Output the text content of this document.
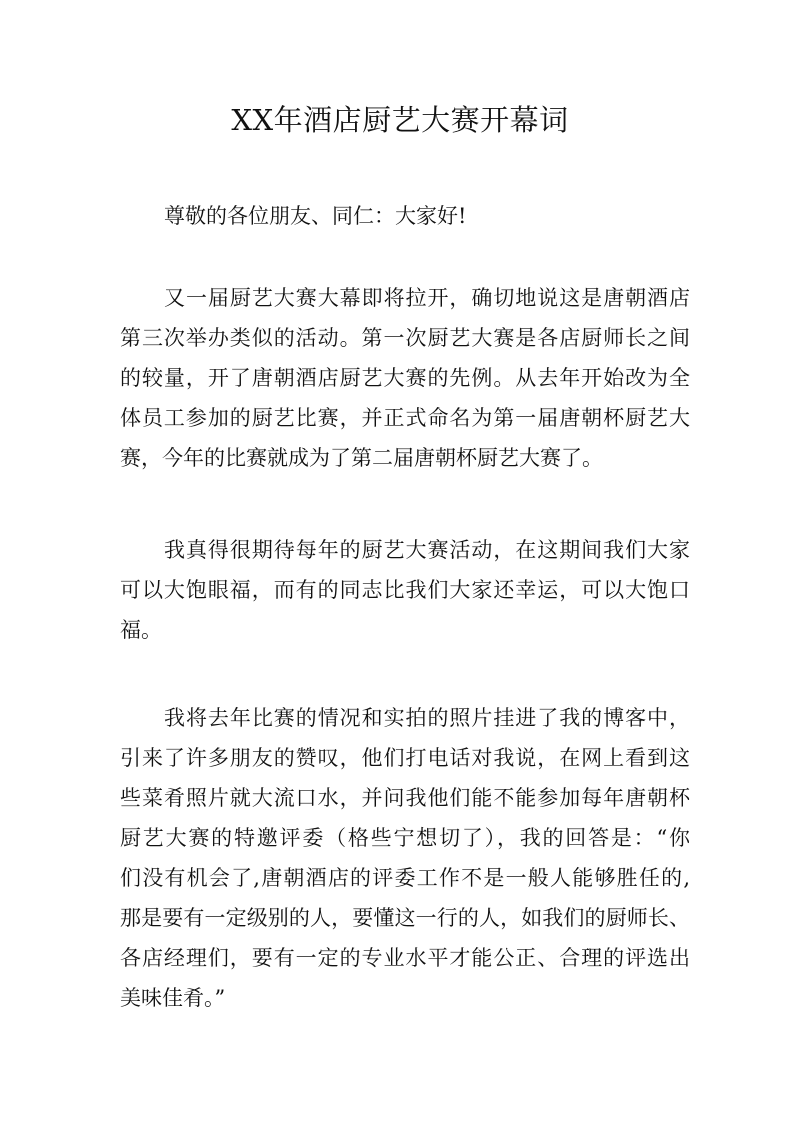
XX年酒店厨艺大赛开幕词
尊敬的各位朋友、同仁：大家好!
又一届厨艺大赛大幕即将拉开，确切地说这是唐朝酒店
第三次举办类似的活动。第一次厨艺大赛是各店厨师长之间
的较量，开了唐朝酒店厨艺大赛的先例。从去年开始改为全
体员工参加的厨艺比赛，并正式命名为第一届唐朝杯厨艺大
赛，今年的比赛就成为了第二届唐朝杯厨艺大赛了。
我真得很期待每年的厨艺大赛活动，在这期间我们大家
可以大饱眼福，而有的同志比我们大家还幸运，可以大饱口
福。
我将去年比赛的情况和实拍的照片挂进了我的博客中，
引来了许多朋友的赞叹，他们打电话对我说，在网上看到这
些菜肴照片就大流口水，并问我他们能不能参加每年唐朝杯
厨艺大赛的特邀评委（格些宁想切了），我的回答是：“你
们没有机会了,唐朝酒店的评委工作不是一般人能够胜任的,
那是要有一定级别的人，要懂这一行的人，如我们的厨师长、
各店经理们，要有一定的专业水平才能公正、合理的评选出
美味佳肴。”
